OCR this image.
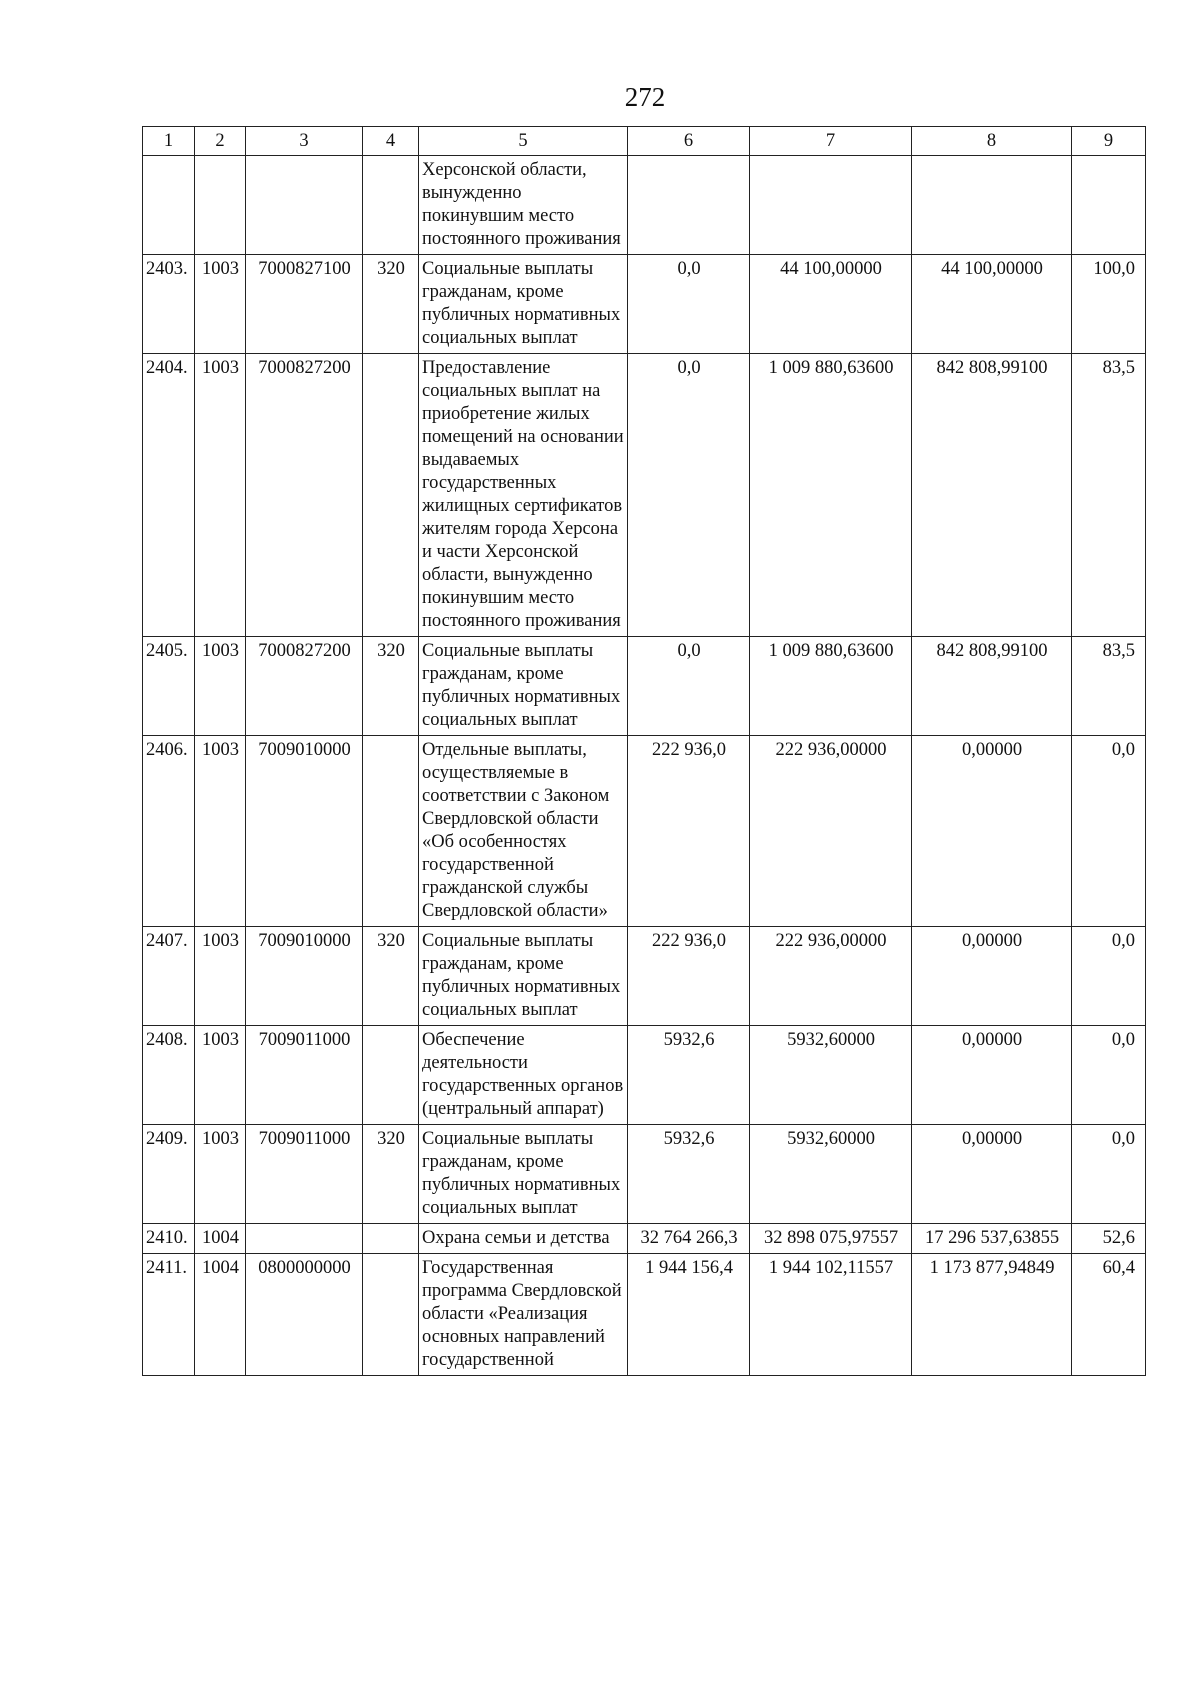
272
1	2	3	4	5	6	7	8	9
				Херсонской области, вынужденно покинувшим место постоянного проживания				
2403.	1003	7000827100	320	Социальные выплаты гражданам, кроме публичных нормативных социальных выплат	0,0	44 100,00000	44 100,00000	100,0
2404.	1003	7000827200		Предоставление социальных выплат на приобретение жилых помещений на основании выдаваемых государственных жилищных сертификатов жителям города Херсона и части Херсонской области, вынужденно покинувшим место постоянного проживания	0,0	1 009 880,63600	842 808,99100	83,5
2405.	1003	7000827200	320	Социальные выплаты гражданам, кроме публичных нормативных социальных выплат	0,0	1 009 880,63600	842 808,99100	83,5
2406.	1003	7009010000		Отдельные выплаты, осуществляемые в соответствии с Законом Свердловской области «Об особенностях государственной гражданской службы Свердловской области»	222 936,0	222 936,00000	0,00000	0,0
2407.	1003	7009010000	320	Социальные выплаты гражданам, кроме публичных нормативных социальных выплат	222 936,0	222 936,00000	0,00000	0,0
2408.	1003	7009011000		Обеспечение деятельности государственных органов (центральный аппарат)	5932,6	5932,60000	0,00000	0,0
2409.	1003	7009011000	320	Социальные выплаты гражданам, кроме публичных нормативных социальных выплат	5932,6	5932,60000	0,00000	0,0
2410.	1004			Охрана семьи и детства	32 764 266,3	32 898 075,97557	17 296 537,63855	52,6
2411.	1004	0800000000		Государственная программа Свердловской области «Реализация основных направлений государственной	1 944 156,4	1 944 102,11557	1 173 877,94849	60,4
